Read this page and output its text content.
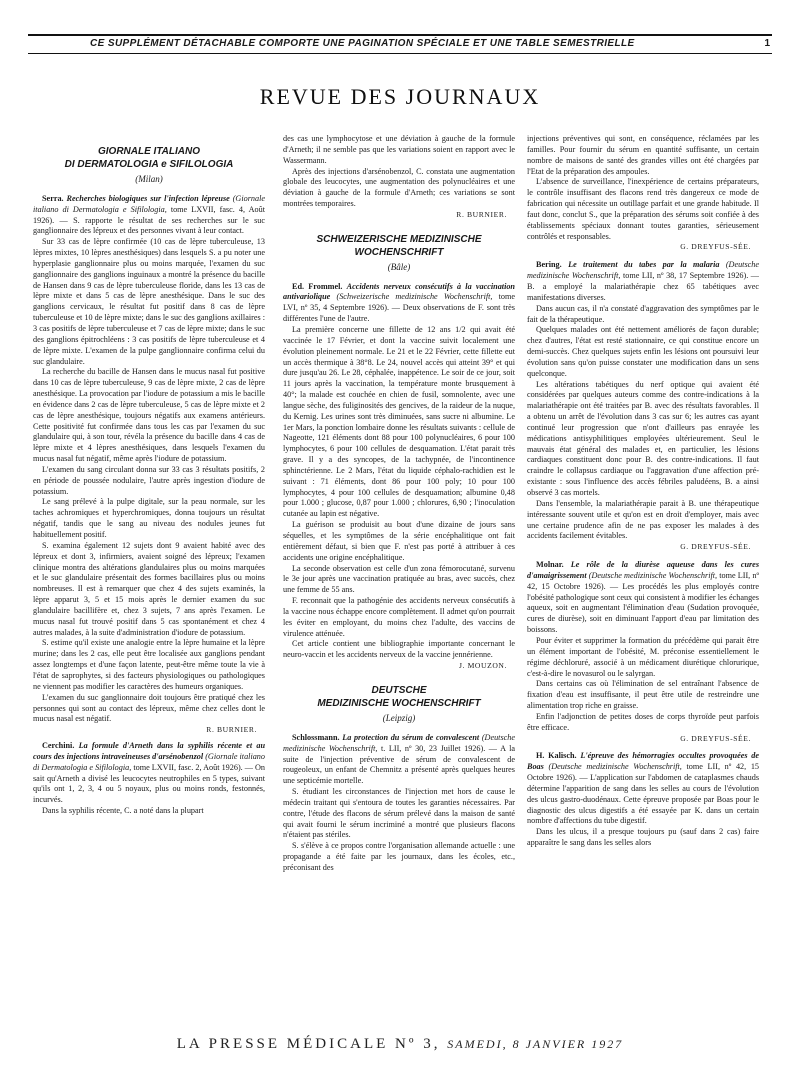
CE SUPPLÉMENT DÉTACHABLE COMPORTE UNE PAGINATION SPÉCIALE ET UNE TABLE SEMESTRIELLE	1
REVUE DES JOURNAUX
GIORNALE ITALIANO
DI DERMATOLOGIA e SIFILOLOGIA
(Milan)

Serra. Recherches biologiques sur l'infection lépreuse (Giornale italiano di Dermatologia e Sifilologia, tome LXVII, fasc. 4, Août 1926). — S. rapporte le résultat de ses recherches sur le suc ganglionnaire des lépreux et des personnes vivant à leur contact.

Sur 33 cas de lèpre confirmée (10 cas de lèpre tuberculeuse, 13 lèpres mixtes, 10 lèpres anesthésiques) dans lesquels S. a pu noter une hyperplasie ganglionnaire plus ou moins marquée, l'examen du suc ganglionnaire des ganglions inguinaux a montré la présence du bacille de Hansen dans 9 cas de lèpre tuberculeuse floride, dans les 13 cas de lèpre mixte et dans 5 cas de lèpre anesthésique. Dans le suc des ganglions cervicaux, le résultat fut positif dans 8 cas de lèpre tuberculeuse et 10 de lèpre mixte; dans le suc des ganglions axillaires : 3 cas positifs de lèpre tuberculeuse et 7 cas de lèpre mixte; dans le suc des ganglions épitrochléens : 3 cas positifs de lèpre tuberculeuse et 4 de lèpre mixte. L'examen de la pulpe ganglionnaire confirma celui du suc glandulaire.

La recherche du bacille de Hansen dans le mucus nasal fut positive dans 10 cas de lèpre tuberculeuse, 9 cas de lèpre mixte, 2 cas de lèpre anesthésique. La provocation par l'iodure de potassium a mis le bacille en évidence dans 2 cas de lèpre tuberculeuse, 5 cas de lèpre mixte et 2 cas de lèpre anesthésique, toujours négatifs aux examens antérieurs. Cette positivité fut confirmée dans tous les cas par l'examen du suc glandulaire qui, à son tour, révéla la présence du bacille dans 4 cas de lèpre mixte et 4 lèpres anesthésiques, dans lesquels l'examen du mucus nasal fut négatif, même après l'iodure de potassium.

L'examen du sang circulant donna sur 33 cas 3 résultats positifs, 2 en période de poussée nodulaire, l'autre après ingestion d'iodure de potassium.

Le sang prélevé à la pulpe digitale, sur la peau normale, sur les taches achromiques et hyperchromiques, donna toujours un résultat négatif, tandis que le sang au niveau des nodules jeunes fut habituellement positif.

S. examina également 12 sujets dont 9 avaient habité avec des lépreux et dont 3, infirmiers, avaient soigné des lépreux; l'examen clinique montra des altérations glandulaires plus ou moins marquées et le suc glandulaire présentait des formes bacillaires plus ou moins nombreuses. Il est à remarquer que chez 4 des sujets examinés, la lèpre apparut 3, 5 et 15 mois après le dernier examen du suc glandulaire bacillifère et, chez 3 sujets, 7 ans après l'examen. Le mucus nasal fut trouvé positif dans 5 cas spontanément et chez 4 autres malades, à la suite d'administration d'iodure de potassium.

S. estime qu'il existe une analogie entre la lèpre humaine et la lèpre murine; dans les 2 cas, elle peut être localisée aux ganglions pendant assez longtemps et d'une façon latente, peut-être même toute la vie à l'état de saprophytes, si des facteurs physiologiques ou pathologiques ne viennent pas modifier les caractères des humeurs organiques.

L'examen du suc ganglionnaire doit toujours être pratiqué chez les personnes qui sont au contact des lépreux, même chez celles dont le mucus nasal est négatif.

R. BURNIER.

Cerchini. La formule d'Arneth dans la syphilis récente et au cours des injections intraveineuses d'arsénobenzol (Giornale italiano di Dermatologia e Sifilologia, tome LXVII, fasc. 2, Août 1926). — On sait qu'Arneth a divisé les leucocytes neutrophiles en 5 types, suivant qu'ils ont 1, 2, 3, 4 ou 5 noyaux, plus ou moins ronds, festonnés, incurvés.

Dans la syphilis récente, C. a noté dans la plupart

des cas une lymphocytose et une déviation à gauche de la formule d'Arneth; il ne semble pas que les variations soient en rapport avec le Wassermann.

Après des injections d'arsénobenzol, C. constata une augmentation globale des leucocytes, une augmentation des polynucléaires et une déviation à gauche de la formule d'Arneth; ces variations se sont montrées temporaires.

R. BURNIER.
SCHWEIZERISCHE MEDIZINISCHE
WOCHENSCHRIFT
(Bâle)

Ed. Frommel. Accidents nerveux consécutifs à la vaccination antivariolique (Schweizerische medizinische Wochenschrift, tome LVI, nº 35, 4 Septembre 1926). — Deux observations de F. sont très différentes l'une de l'autre.

La première concerne une fillette de 12 ans 1/2 qui avait été vaccinée le 17 Février, et dont la vaccine suivit localement une évolution pleinement normale. Le 21 et le 22 Février, cette fillette eut un accès thermique à 38°8. Le 24, nouvel accès qui atteint 39° et qui dure jusqu'au 26. Le 28, céphalée, inappétence. Le soir de ce jour, soit 11 jours après la vaccination, la température monte brusquement à 40°; la malade est couchée en chien de fusil, somnolente, avec une langue sèche, des fuliginosités des gencives, de la raideur de la nuque, du Kernig. Les urines sont très diminuées, sans sucre ni albumine. Le 1er Mars, la ponction lombaire donne les résultats suivants : cellule de Nageotte, 121 éléments dont 88 pour 100 polynucléaires, 6 pour 100 lymphocytes, 6 pour 100 cellules de desquamation. L'état parait très grave. Il y a des syncopes, de la tachypnée, de l'incontinence sphinctérienne. Le 2 Mars, l'état du liquide céphalo-rachidien est le suivant : 71 éléments, dont 86 pour 100 poly; 10 pour 100 lymphocytes, 4 pour 100 cellules de desquamation; albumine 0,48 pour 1.000 ; glucose, 0,87 pour 1.000 ; chlorures, 6,90 ; l'inoculation cutanée au lapin est négative.

La guérison se produisit au bout d'une dizaine de jours sans séquelles, et les symptômes de la série encéphalitique ont fait entièrement défaut, si bien que F. n'est pas porté à attribuer à ces accidents une origine encéphalitique.

La seconde observation est celle d'un zona fémorocutané, survenu le 3e jour après une vaccination pratiquée au bras, avec succès, chez une femme de 55 ans.

F. reconnait que la pathogénie des accidents nerveux consécutifs à la vaccine nous échappe encore complètement. Il admet qu'on pourrait les éviter en employant, du moins chez l'adulte, des vaccins de virulence atténuée.

Cet article contient une bibliographie importante concernant le neuro-vaccin et les accidents nerveux de la vaccine jennérienne.

J. MOUZON.
DEUTSCHE
MEDIZINISCHE WOCHENSCHRIFT
(Leipzig)

Schlossmann. La protection du sérum de convalescent (Deutsche medizinische Wochenschrift, t. LII, nº 30, 23 Juillet 1926). — A la suite de l'injection préventive de sérum de convalescent de rougeoleux, un enfant de Chemnitz a présenté après quelques heures une septicémie mortelle.

S. étudiant les circonstances de l'injection met hors de cause le médecin traitant qui s'entoura de toutes les garanties nécessaires. Par contre, l'étude des flacons de sérum prélevé dans la maison de santé qui avait fourni le sérum incriminé a montré que plusieurs flacons n'étaient pas stériles.

S. s'élève à ce propos contre l'organisation allemande actuelle : une propagande a été faite par les journaux, dans les écoles, etc., préconisant des

injections préventives qui sont, en conséquence, réclamées par les familles. Pour fournir du sérum en quantité suffisante, un certain nombre de maisons de santé des grandes villes ont été chargées par l'Etat de la préparation des ampoules.

L'absence de surveillance, l'inexpérience de certains préparateurs, le contrôle insuffisant des flacons rend très dangereux ce mode de fabrication qui nécessite un outillage parfait et une grande habitude. Il faut donc, conclut S., que la préparation des sérums soit confiée à des établissements spéciaux donnant toutes garanties, sérieusement contrôlés et responsables.

G. DREYFUS-SÉE.

Bering. Le traitement du tabes par la malaria (Deutsche medizinische Wochenschrift, tome LII, nº 38, 17 Septembre 1926). — B. a employé la malariathérapie chez 65 tabétiques avec manifestations diverses.

Dans aucun cas, il n'a constaté d'aggravation des symptômes par le fait de la thérapeutique.

Quelques malades ont été nettement améliorés de façon durable; chez d'autres, l'état est resté stationnaire, ce qui constitue encore un demi-succès. Chez quelques sujets enfin les lésions ont poursuivi leur évolution sans qu'on puisse constater une modification dans un sens quelconque.

Les altérations tabétiques du nerf optique qui avaient été considérées par quelques auteurs comme des contre-indications à la malariathérapie ont été traitées par B. avec des résultats favorables. Il a obtenu un arrêt de l'évolution dans 3 cas sur 6; les autres cas ayant continué leur progression que n'ont d'ailleurs pas enrayée les médications antisyphilitiques employées ultérieurement. Seul le mauvais état général des malades et, en particulier, les lésions cardiaques constituent donc pour B. des contre-indications. Il faut craindre le collapsus cardiaque ou l'aggravation d'une affection pré-existante : sous l'influence des accès fébriles paludéens, B. a ainsi observé 3 cas mortels.

Dans l'ensemble, la malariathérapie parait à B. une thérapeutique intéressante souvent utile et qu'on est en droit d'employer, mais avec une certaine prudence afin de ne pas exposer les malades à des accidents facilement évitables.

G. DREYFUS-SÉE.

Molnar. Le rôle de la diurèse aqueuse dans les cures d'amaigrissement (Deutsche medizinische Wochenschrift, tome LII, nº 42, 15 Octobre 1926). — Les procédés les plus employés contre l'obésité pathologique sont ceux qui consistent à modifier les échanges aqueux, soit en augmentant l'élimination d'eau (Sudation provoquée, cures de diurèse), soit en diminuant l'apport d'eau par limitation des boissons.

Pour éviter et supprimer la formation du précédème qui parait être un élément important de l'obésité, M. préconise essentiellement le régime déchloruré, associé à un médicament diurétique chlorurique, c'est-à-dire le novasurol ou le salyrgan.

Dans certains cas où l'élimination de sel entraînant l'absence de fixation d'eau est insuffisante, il peut être utile de restreindre une alimentation trop riche en graisse.

Enfin l'adjonction de petites doses de corps thyroïde peut parfois être efficace.

G. DREYFUS-SÉE.

H. Kalisch. L'épreuve des hémorragies occultes provoquées de Boas (Deutsche medizinische Wochenschrift, tome LII, nº 42, 15 Octobre 1926). — L'application sur l'abdomen de cataplasmes chauds détermine l'apparition de sang dans les selles au cours de l'évolution des ulcus gastro-duodénaux. Cette épreuve proposée par Boas pour le diagnostic des ulcus digestifs a été essayée par K. dans un certain nombre d'affections du tube digestif.

Dans les ulcus, il a presque toujours pu (sauf dans 2 cas) faire apparaître le sang dans les selles alors

LA PRESSE MÉDICALE Nº 3, SAMEDI, 8 JANVIER 1927
